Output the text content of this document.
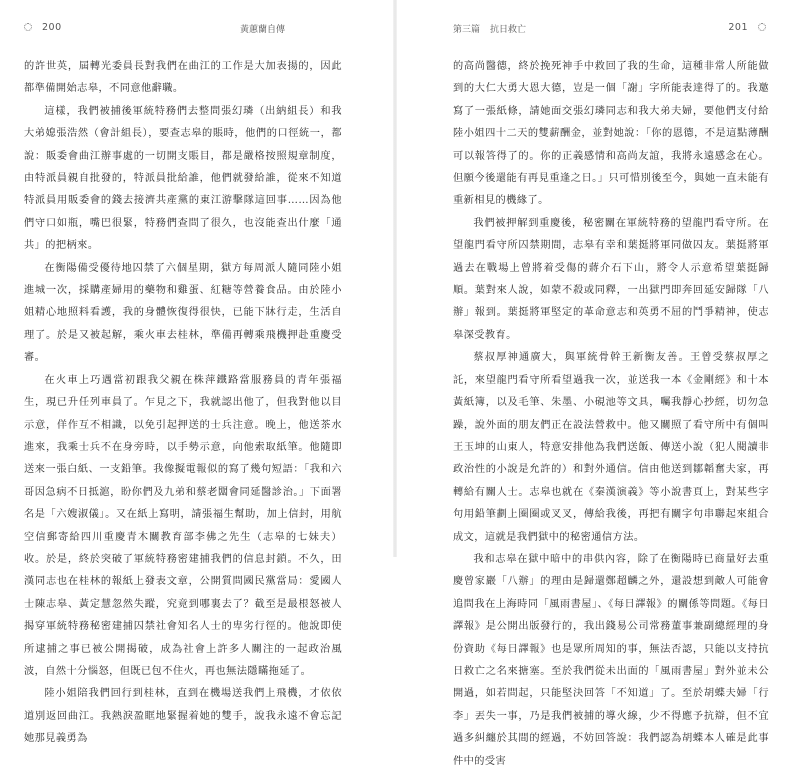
200	黃蕙蘭自傳

的許世英，屆轉光委員長對我們在曲江的工作是大加表揚的，因此都準備開始志皋，不同意他辭職。

這樣，我們被捕後軍統特務們去整問張幻璘（出納組長）和我大弟媳張浩然（會計組長），要查志皋的賬時，他們的口徑統一，都說：販委會曲江辦事處的一切開支賬目，都是嚴格按照規章制度，由特派員親自批發的，特派員批給誰，他們就發給誰，從來不知道特派員用販委會的錢去接濟共產黨的東江游擊隊這回事……因為他們守口如瓶，嘴巴很緊，特務們查問了很久，也沒能查出什麼「通共」的把柄來。

在衡陽備受優待地囚禁了六個星期，獄方每周派人隨同陸小姐進城一次，採購產婦用的藥物和雞蛋、紅糖等營養食品。由於陸小姐精心地照料看護，我的身體恢復得很快，已能下牀行走，生活自理了。於是又被起解，乘火車去桂林，準備再轉乘飛機押赴重慶受審。

在火車上巧遇當初跟我父親在株萍鐵路當服務員的青年張福生，現已升任列車員了。乍見之下，我就認出他了，但我對他以目示意，佯作互不相識，以免引起押送的士兵注意。晚上，他送茶水進來，我乘士兵不在身旁時，以手勢示意，向他索取紙筆。他隨即送來一張白紙、一支鉛筆。我像擬電報似的寫了幾句短語：「我和六哥因急病不日抵滬，盼你們及九弟和蔡老闆會同延醫診治。」下面署名是「六嫂淑儀」。又在紙上寫明，請張福生幫助，加上信封，用航空信郵寄給四川重慶青木關教育部李佛之先生（志皋的七妹夫）收。於是，終於突破了軍統特務密建捕我們的信息封鎖。不久，田漢同志也在桂林的報紙上發表文章，公開質問國民黨當局：愛國人士陳志皋、黃定慧忽然失蹤，究竟到哪裏去了？截至是最根怒被人揭穿軍統特務秘密建捕囚禁社會知名人士的卑劣行徑的。他說即使所逮捕之事已被公開揭破，成為社會上許多人關注的一起政治風波，自然十分惱怒，但既已包不住火，再也無法隱瞞拖延了。

陸小姐陪我們回行到桂林，直到在機場送我們上飛機，才依依道別返回曲江。我熱淚盈眶地緊握着她的雙手，說我永遠不會忘記她那見義勇為

第三篇 抗日救亡	201

的高尚醫德，終於挽死神手中救回了我的生命，這種非常人所能做到的大仁大勇大恩大德，豈是一個「謝」字所能表達得了的。我邀寫了一張紙條，請她面交張幻璘同志和我大弟夫婦，要他們支付給陸小姐四十二天的雙薪酬金，並對她說：「你的恩德，不是這點薄酬可以報答得了的。你的正義感情和高尚友誼，我將永遠感念在心。但願今後還能有再見重逢之日。」只可惜別後至今，與她一直未能有重新相見的機緣了。

我們被押解到重慶後，秘密關在軍統特務的望龍門看守所。在望龍門看守所囚禁期間，志皋有幸和葉挺將軍同做囚友。葉挺將軍過去在戰場上曾將着受傷的蔣介石下山，將令人示意希望葉挺歸順。葉對來人說，如蒙不殺或同釋，一出獄門即奔回延安歸隊「八辦」報到。葉挺將軍堅定的革命意志和英勇不屈的鬥爭精神，使志皋深受教育。

蔡叔厚神通廣大，與軍統骨幹王新衡友善。王曾受蔡叔厚之託，來望龍門看守所看望過我一次，並送我一本《金剛經》和十本黃紙簿，以及毛筆、朱墨、小硯池等文具，囑我靜心抄經，切勿急躁，說外面的朋友們正在設法營救中。他又關照了看守所中有個叫王玉坤的山東人，特意安排他為我們送飯、傳送小說（犯人閱讀非政治性的小說是允許的）和對外通信。信由他送到鄒韜奮夫家，再轉給有關人士。志皋也就在《秦漢演義》等小說書頁上，對某些字句用鉛筆劃上圈圈或叉叉，傳給我後，再把有關字句串聯起來組合成文，這就是我們獄中的秘密通信方法。

我和志皋在獄中暗中的串供內容，除了在衡陽時已商量好去重慶曾家巖「八辦」的理由是歸還鄭超麟之外，還設想到敵人可能會追問我在上海時同「風雨書屋」、《每日譯報》的關係等問題。《每日譯報》是公開出版發行的，我出錢易公司常務董事兼副總經理的身份資助《每日譯報》也是眾所周知的事，無法否認，只能以支持抗日救亡之名來搪塞。至於我們從未出面的「風雨書屋」對外並未公開過，如若問起，只能堅決回答「不知道」了。至於胡蝶夫婦「行李」丟失一事，乃是我們被捕的導火線，少不得應予抗辯，但不宜過多糾纏於其間的經過，不妨回答說：我們認為胡蝶本人確是此事件中的受害
